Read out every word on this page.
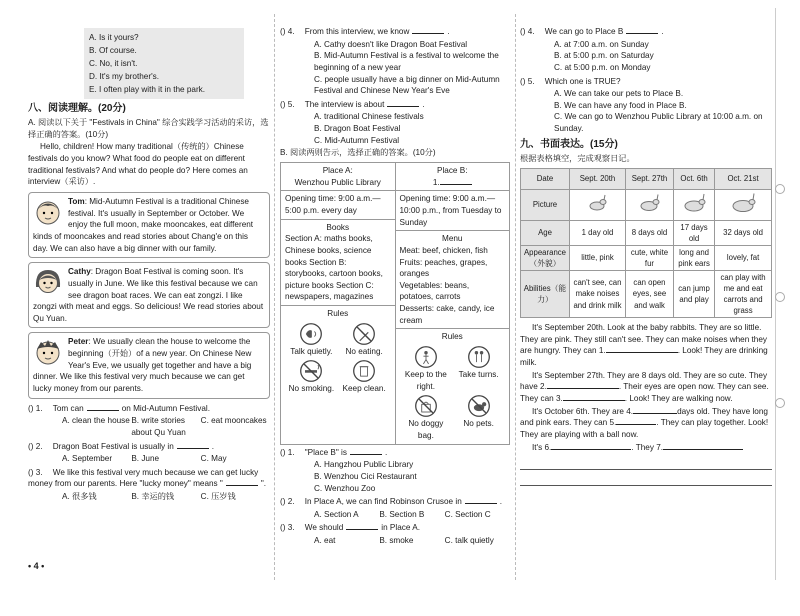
A. Is it yours?
B. Of course.
C. No, it isn't.
D. It's my brother's.
E. I often play with it in the park.
八、阅读理解。(20分)
A. 阅读以下关于 "Festivals in China" 综合实践学习活动的采访，选择正确的答案。(10分)
Hello, children! How many traditional（传统的）Chinese festivals do you know? What food do people eat on different traditional festivals? And what do people do? Here comes an interview（采访）.
Tom: Mid-Autumn Festival is a traditional Chinese festival. It's usually in September or October. We enjoy the full moon, make mooncakes, eat different kinds of mooncakes and read stories about Chang'e on this day. We can also have a big dinner with our family.
Cathy: Dragon Boat Festival is coming soon. It's usually in June. We like this festival because we can see dragon boat races. We can eat zongzi. I like zongzi with meat and eggs. So delicious! We read stories about Qu Yuan.
Peter: We usually clean the house to welcome the beginning（开始）of a new year. On Chinese New Year's Eve, we usually get together and have a big dinner. We like this festival very much because we can get lucky money from our parents.
() 1. Tom can	on Mid-Autumn Festival.
A. clean the house B. write stories about Qu Yuan
C. eat mooncakes
() 2. Dragon Boat Festival is usually in	.
A. September	B. June	C. May
() 3. We like this festival very much because we can get lucky money from our parents. Here "lucky money" means "	".
A. 很多钱	B. 幸运的钱	C. 压岁钱
() 4. From this interview, we know	.
A. Cathy doesn't like Dragon Boat Festival
B. Mid-Autumn Festival is a festival to welcome the beginning of a new year
C. people usually have a big dinner on Mid-Autumn Festival and Chinese New Year's Eve
() 5. The interview is about	.
A. traditional Chinese festivals
B. Dragon Boat Festival
C. Mid-Autumn Festival
B. 阅读两则告示，选择正确的答案。(10分)
Place A:
Wenzhou Public Library
Opening time: 9:00 a.m.—5:00 p.m. every day
Books
Section A: maths books, Chinese books, science books Section B: storybooks, cartoon books, picture books Section C: newspapers, magazines
Rules
Talk quietly.	No eating.
No smoking.	Keep clean.
Place B:
1.
Opening time: 9:00 a.m.—10:00 p.m., from Tuesday to Sunday
Menu
Meat: beef, chicken, fish
Fruits: peaches, grapes, oranges
Vegetables: beans, potatoes, carrots
Desserts: cake, candy, ice cream
Rules
Keep to the right.
Take turns.
No doggy bag.
No pets.
() 1. "Place B" is	.
A. Hangzhou Public Library
B. Wenzhou Cici Restaurant
C. Wenzhou Zoo
() 2. In Place A, we can find Robinson Crusoe in	.
A. Section A	B. Section B	C. Section C
() 3. We should	in Place A.
A. eat	B. smoke	C. talk quietly
() 4. We can go to Place B	.
A. at 7:00 a.m. on Sunday
B. at 5:00 p.m. on Saturday
C. at 5:00 p.m. on Monday
() 5. Which one is TRUE?
A. We can take our pets to Place B.
B. We can have any food in Place B.
C. We can go to Wenzhou Public Library at 10:00 a.m. on Sunday.
九、书面表达。(15分)
根据表格填空，完成观察日记。
Date	Sept. 20th	Sept. 27th	Oct. 6th	Oct. 21st
Picture				
Age	1 day old	8 days old	17 days old	32 days old
Appearance（外貌）	little, pink	cute, white fur	long and pink ears	lovely, fat
Abilities（能力）	can't see, can make noises and drink milk	can open eyes, see and walk	can jump and play	can play with me and eat carrots and grass
It's September 20th. Look at the baby rabbits. They are so little. They are pink. They still can't see. They can make noises when they are hungry. They can 1.	. Look! They are drinking milk.
It's September 27th. They are 8 days old. They are so cute. They have 2.	. Their eyes are open now. They can see. They can 3.	. Look! They are walking now.
It's October 6th. They are 4.	days old. They have long and pink ears. They can 5.	. They can play together. Look! They are playing with a ball now.
It's 6.	. They 7.
• 4 •
